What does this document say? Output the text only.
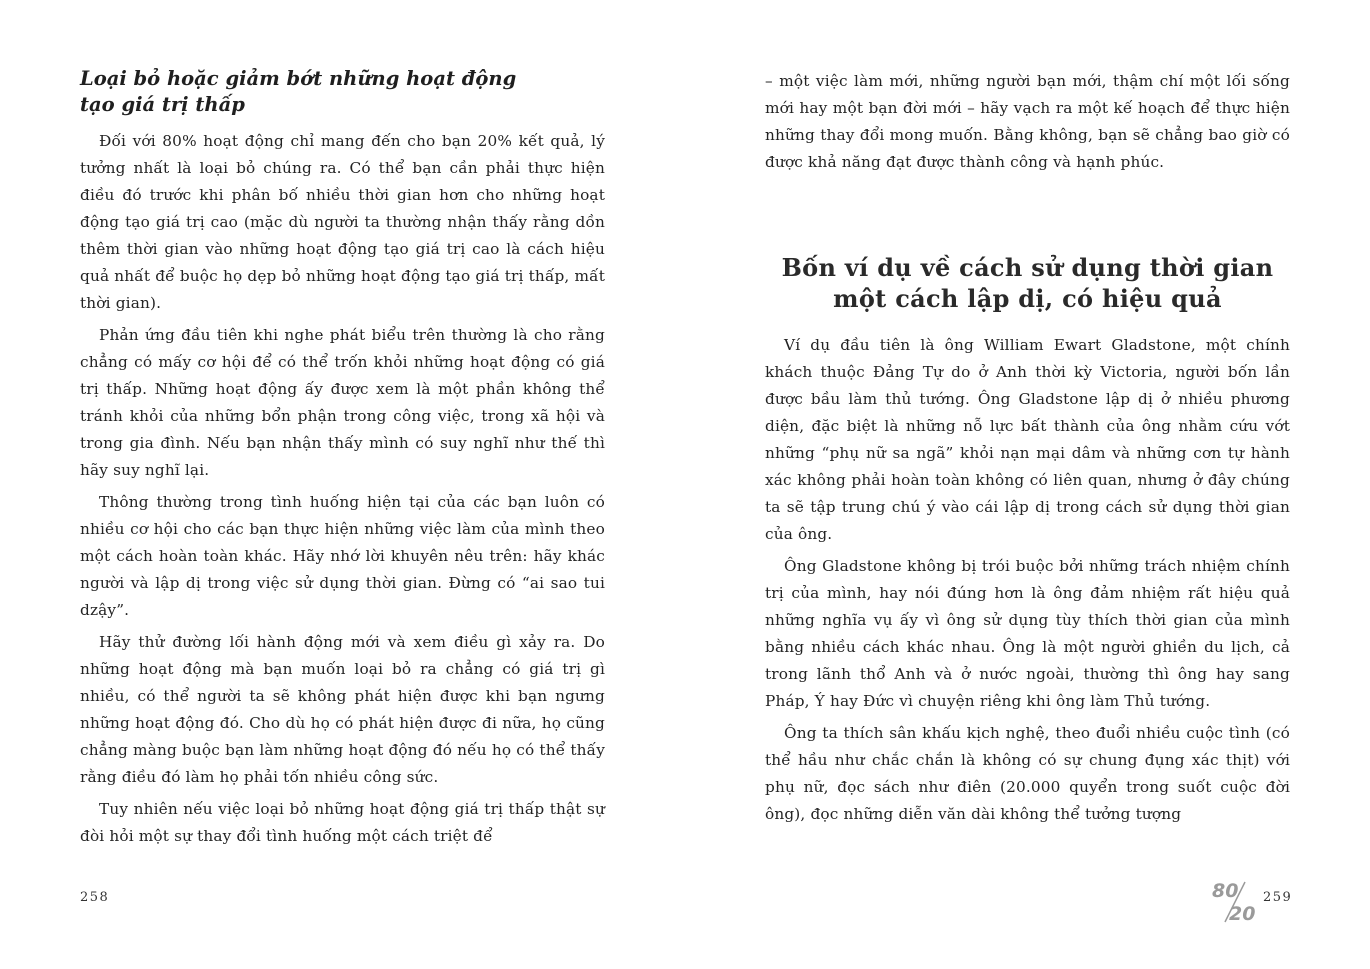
Loại bỏ hoặc giảm bớt những hoạt động tạo giá trị thấp

Đối với 80% hoạt động chỉ mang đến cho bạn 20% kết quả, lý tưởng nhất là loại bỏ chúng ra. Có thể bạn cần phải thực hiện điều đó trước khi phân bố nhiều thời gian hơn cho những hoạt động tạo giá trị cao (mặc dù người ta thường nhận thấy rằng dồn thêm thời gian vào những hoạt động tạo giá trị cao là cách hiệu quả nhất để buộc họ dẹp bỏ những hoạt động tạo giá trị thấp, mất thời gian).

Phản ứng đầu tiên khi nghe phát biểu trên thường là cho rằng chẳng có mấy cơ hội để có thể trốn khỏi những hoạt động có giá trị thấp. Những hoạt động ấy được xem là một phần không thể tránh khỏi của những bổn phận trong công việc, trong xã hội và trong gia đình. Nếu bạn nhận thấy mình có suy nghĩ như thế thì hãy suy nghĩ lại.

Thông thường trong tình huống hiện tại của các bạn luôn có nhiều cơ hội cho các bạn thực hiện những việc làm của mình theo một cách hoàn toàn khác. Hãy nhớ lời khuyên nêu trên: hãy khác người và lập dị trong việc sử dụng thời gian. Đừng có “ai sao tui dzậy”.

Hãy thử đường lối hành động mới và xem điều gì xảy ra. Do những hoạt động mà bạn muốn loại bỏ ra chẳng có giá trị gì nhiều, có thể người ta sẽ không phát hiện được khi bạn ngưng những hoạt động đó. Cho dù họ có phát hiện được đi nữa, họ cũng chẳng màng buộc bạn làm những hoạt động đó nếu họ có thể thấy rằng điều đó làm họ phải tốn nhiều công sức.

Tuy nhiên nếu việc loại bỏ những hoạt động giá trị thấp thật sự đòi hỏi một sự thay đổi tình huống một cách triệt để

258

– một việc làm mới, những người bạn mới, thậm chí một lối sống mới hay một bạn đời mới – hãy vạch ra một kế hoạch để thực hiện những thay đổi mong muốn. Bằng không, bạn sẽ chẳng bao giờ có được khả năng đạt được thành công và hạnh phúc.

Bốn ví dụ về cách sử dụng thời gian
một cách lập dị, có hiệu quả

Ví dụ đầu tiên là ông William Ewart Gladstone, một chính khách thuộc Đảng Tự do ở Anh thời kỳ Victoria, người bốn lần được bầu làm thủ tướng. Ông Gladstone lập dị ở nhiều phương diện, đặc biệt là những nỗ lực bất thành của ông nhằm cứu vớt những “phụ nữ sa ngã” khỏi nạn mại dâm và những cơn tự hành xác không phải hoàn toàn không có liên quan, nhưng ở đây chúng ta sẽ tập trung chú ý vào cái lập dị trong cách sử dụng thời gian của ông.

Ông Gladstone không bị trói buộc bởi những trách nhiệm chính trị của mình, hay nói đúng hơn là ông đảm nhiệm rất hiệu quả những nghĩa vụ ấy vì ông sử dụng tùy thích thời gian của mình bằng nhiều cách khác nhau. Ông là một người ghiền du lịch, cả trong lãnh thổ Anh và ở nước ngoài, thường thì ông hay sang Pháp, Ý hay Đức vì chuyện riêng khi ông làm Thủ tướng.

Ông ta thích sân khấu kịch nghệ, theo đuổi nhiều cuộc tình (có thể hầu như chắc chắn là không có sự chung đụng xác thịt) với phụ nữ, đọc sách như điên (20.000 quyển trong suốt cuộc đời ông), đọc những diễn văn dài không thể tưởng tượng

80
20
259
